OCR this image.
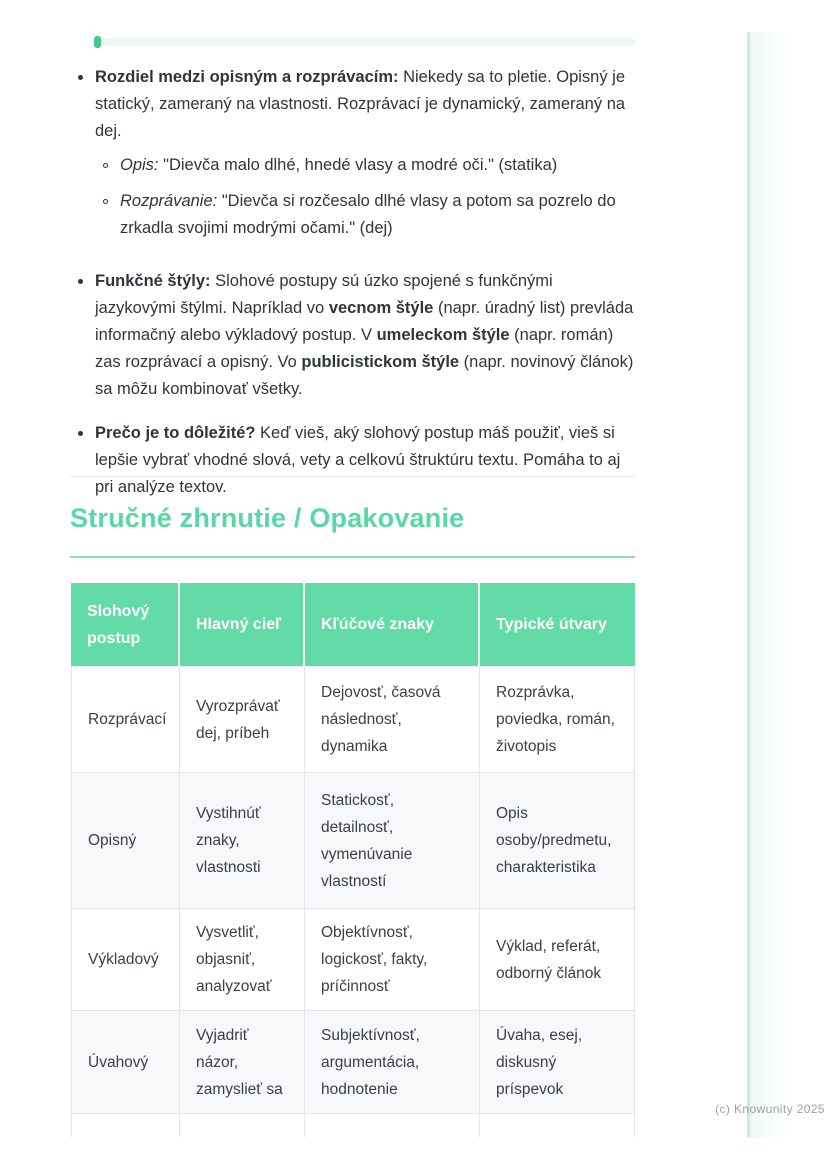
Rozdiel medzi opisným a rozprávacím: Niekedy sa to pletie. Opisný je statický, zameraný na vlastnosti. Rozprávací je dynamický, zameraný na dej.
Opis: "Dievča malo dlhé, hnedé vlasy a modré oči." (statika)
Rozprávanie: "Dievča si rozčesalo dlhé vlasy a potom sa pozrelo do zrkadla svojimi modrými očami." (dej)
Funkčné štýly: Slohové postupy sú úzko spojené s funkčnými jazykovými štýlmi. Napríklad vo vecnom štýle (napr. úradný list) prevláda informačný alebo výkladový postup. V umeleckom štýle (napr. román) zas rozprávací a opisný. Vo publicistickom štýle (napr. novinový článok) sa môžu kombinovať všetky.
Prečo je to dôležité? Keď vieš, aký slohový postup máš použiť, vieš si lepšie vybrať vhodné slová, vety a celkovú štruktúru textu. Pomáha to aj pri analýze textov.
Stručné zhrnutie / Opakovanie
Slohový postup	Hlavný cieľ	Kľúčové znaky	Typické útvary
Rozprávací	Vyrozprávať dej, príbeh	Dejovosť, časová následnosť, dynamika	Rozprávka, poviedka, román, životopis
Opisný	Vystihnúť znaky, vlastnosti	Statickosť, detailnosť, vymenúvanie vlastností	Opis osoby/predmetu, charakteristika
Výkladový	Vysvetliť, objasniť, analyzovať	Objektívnosť, logickosť, fakty, príčinnosť	Výklad, referát, odborný článok
Úvahový	Vyjadriť názor, zamyslieť sa	Subjektívnosť, argumentácia, hodnotenie	Úvaha, esej, diskusný príspevok

(c) Knowunity 2025
